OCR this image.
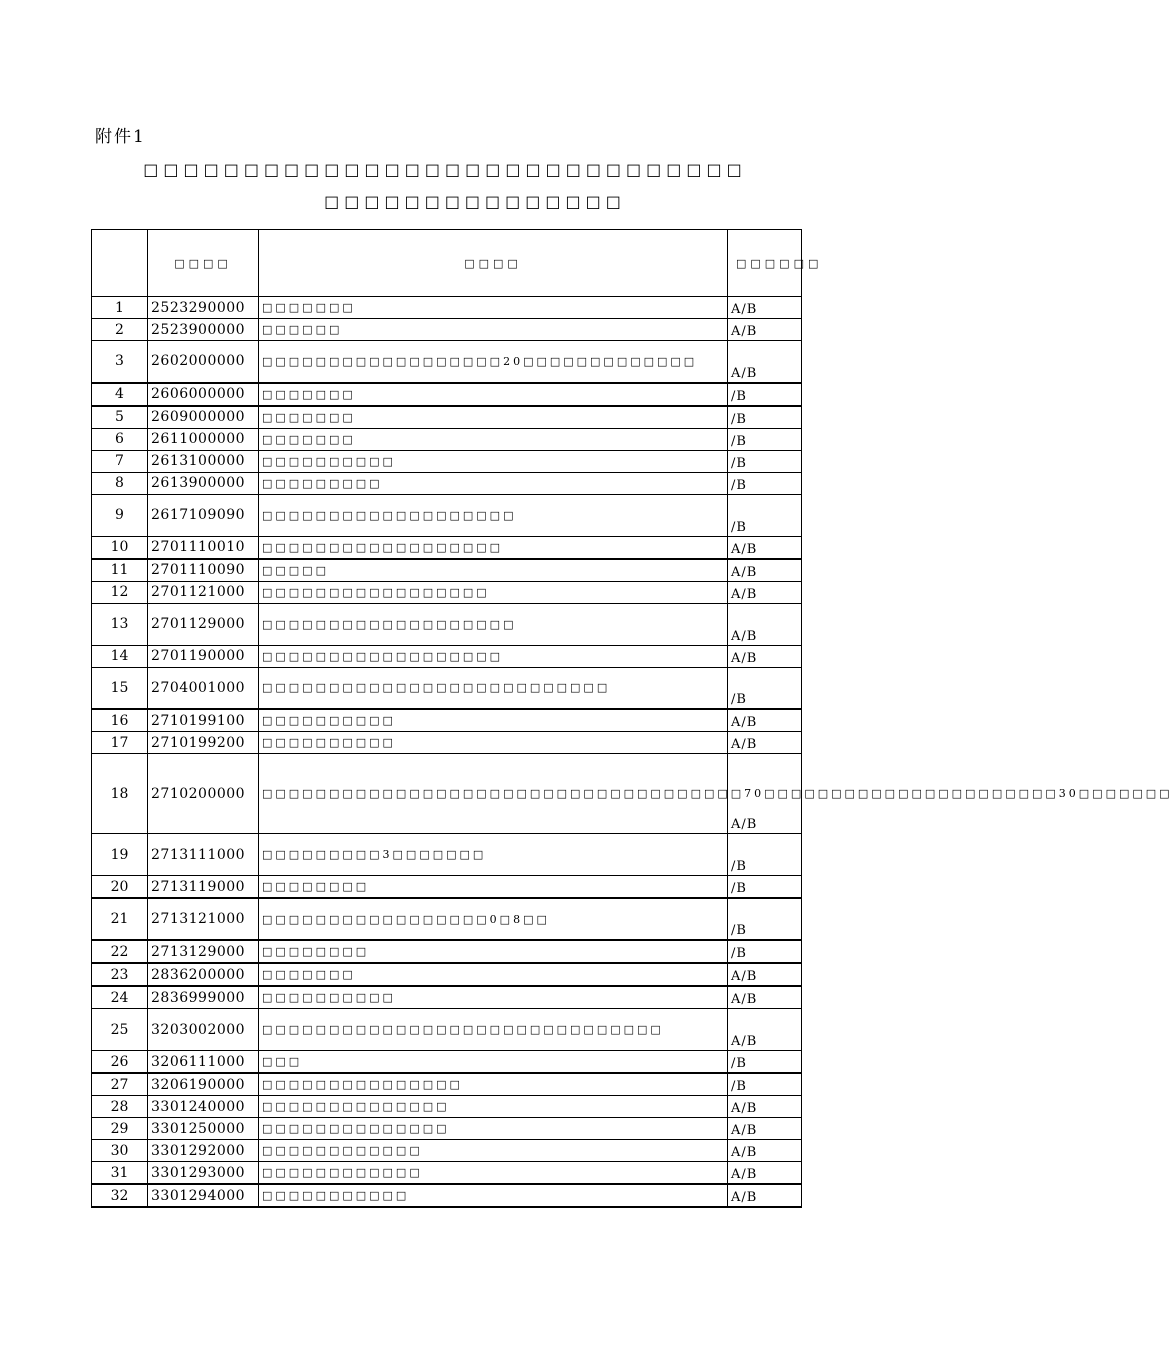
附件1
□□□□□□□□□□□□□□□□□□□□□□□□□□□□□□
□□□□□□□□□□□□□□□
	□□□□	□□□□	□□□□□□
1	2523290000	□□□□□□□	A/B
2	2523900000	□□□□□□	A/B
3	2602000000	□□□□□□□□□□□□□□□□□□20□□□□□□□□□□□□□	A/B
4	2606000000	□□□□□□□	/B
5	2609000000	□□□□□□□	/B
6	2611000000	□□□□□□□	/B
7	2613100000	□□□□□□□□□□	/B
8	2613900000	□□□□□□□□□	/B
9	2617109090	□□□□□□□□□□□□□□□□□□□	/B
10	2701110010	□□□□□□□□□□□□□□□□□□	A/B
11	2701110090	□□□□□	A/B
12	2701121000	□□□□□□□□□□□□□□□□□	A/B
13	2701129000	□□□□□□□□□□□□□□□□□□□	A/B
14	2701190000	□□□□□□□□□□□□□□□□□□	A/B
15	2704001000	□□□□□□□□□□□□□□□□□□□□□□□□□□	/B
16	2710199100	□□□□□□□□□□	A/B
17	2710199200	□□□□□□□□□□	A/B
18	2710200000	□□□□□□□□□□□□□□□□□□□□□□□□□□□□□□□□□□□□70□□□□□□□□□□□□□□□□□□□□□□30□□□□□□□	A/B
19	2713111000	□□□□□□□□□3□□□□□□□	/B
20	2713119000	□□□□□□□□	/B
21	2713121000	□□□□□□□□□□□□□□□□□0□8□□	/B
22	2713129000	□□□□□□□□	/B
23	2836200000	□□□□□□□	A/B
24	2836999000	□□□□□□□□□□	A/B
25	3203002000	□□□□□□□□□□□□□□□□□□□□□□□□□□□□□□	A/B
26	3206111000	□□□	/B
27	3206190000	□□□□□□□□□□□□□□□	/B
28	3301240000	□□□□□□□□□□□□□□	A/B
29	3301250000	□□□□□□□□□□□□□□	A/B
30	3301292000	□□□□□□□□□□□□	A/B
31	3301293000	□□□□□□□□□□□□	A/B
32	3301294000	□□□□□□□□□□□	A/B
